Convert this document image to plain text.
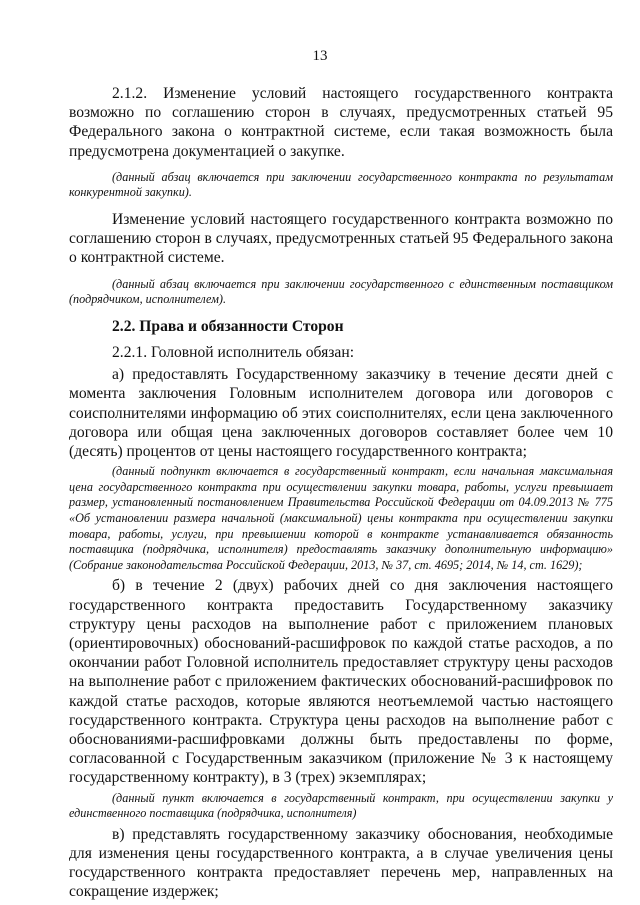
13

2.1.2. Изменение условий настоящего государственного контракта возможно по соглашению сторон в случаях, предусмотренных статьей 95 Федерального закона о контрактной системе, если такая возможность была предусмотрена документацией о закупке.

(данный абзац включается при заключении государственного контракта по результатам конкурентной закупки).

Изменение условий настоящего государственного контракта возможно по соглашению сторон в случаях, предусмотренных статьей 95 Федерального закона о контрактной системе.

(данный абзац включается при заключении государственного с единственным поставщиком (подрядчиком, исполнителем).

2.2. Права и обязанности Сторон

2.2.1. Головной исполнитель обязан:

а) предоставлять Государственному заказчику в течение десяти дней с момента заключения Головным исполнителем договора или договоров с соисполнителями информацию об этих соисполнителях, если цена заключенного договора или общая цена заключенных договоров составляет более чем 10 (десять) процентов от цены настоящего государственного контракта;

(данный подпункт включается в государственный контракт, если начальная максимальная цена государственного контракта при осуществлении закупки товара, работы, услуги превышает размер, установленный постановлением Правительства Российской Федерации от 04.09.2013 № 775 «Об установлении размера начальной (максимальной) цены контракта при осуществлении закупки товара, работы, услуги, при превышении которой в контракте устанавливается обязанность поставщика (подрядчика, исполнителя) предоставлять заказчику дополнительную информацию» (Собрание законодательства Российской Федерации, 2013, № 37, ст. 4695; 2014, № 14, ст. 1629);

б) в течение 2 (двух) рабочих дней со дня заключения настоящего государственного контракта предоставить Государственному заказчику структуру цены расходов на выполнение работ с приложением плановых (ориентировочных) обоснований-расшифровок по каждой статье расходов, а по окончании работ Головной исполнитель предоставляет структуру цены расходов на выполнение работ с приложением фактических обоснований-расшифровок по каждой статье расходов, которые являются неотъемлемой частью настоящего государственного контракта. Структура цены расходов на выполнение работ с обоснованиями-расшифровками должны быть предоставлены по форме, согласованной с Государственным заказчиком (приложение № 3 к настоящему государственному контракту), в 3 (трех) экземплярах;

(данный пункт включается в государственный контракт, при осуществлении закупки у единственного поставщика (подрядчика, исполнителя)

в) представлять государственному заказчику обоснования, необходимые для изменения цены государственного контракта, а в случае увеличения цены государственного контракта предоставляет перечень мер, направленных на сокращение издержек;
